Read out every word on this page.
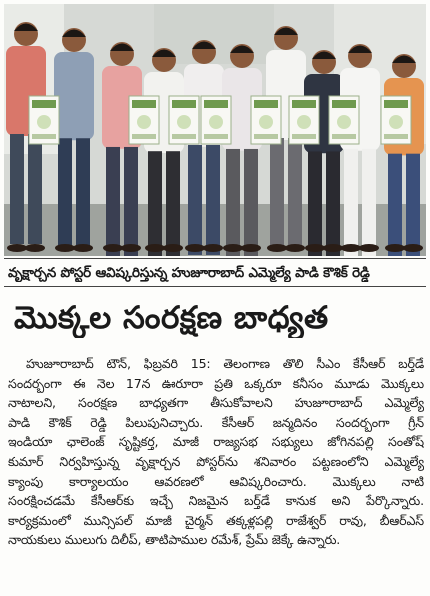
వృక్షార్చన పోస్టర్ ఆవిష్కరిస్తున్న హుజూరాబాద్ ఎమ్మెల్యే పాడి కౌశిక్ రెడ్డి
మొక్కల సంరక్షణ బాధ్యత
హుజూరాబాద్ టౌన్, ఫిబ్రవరి 15: తెలంగాణ తొలి సీఎం కేసీఆర్ బర్త్‌డే
సందర్భంగా ఈ నెల 17న ఊరూరా ప్రతి ఒక్కరూ కనీసం మూడు మొక్కలు
నాటాలని, సంరక్షణ బాధ్యతగా తీసుకోవాలని హుజూరాబాద్ ఎమ్మెల్యే
పాడి కౌశిక్ రెడ్డి పిలుపునిచ్చారు. కేసీఆర్ జన్మదినం సందర్భంగా గ్రీన్
ఇండియా ఛాలెంజ్ సృష్టికర్త, మాజీ రాజ్యసభ సభ్యులు జోగినపల్లి సంతోష్
కుమార్ నిర్వహిస్తున్న వృక్షార్చన పోస్టర్‌ను శనివారం పట్టణంలోని ఎమ్మెల్యే
క్యాంపు కార్యాలయం ఆవరణలో ఆవిష్కరించారు. మొక్కలు నాటి
సంరక్షించడమే కేసీఆర్‌కు ఇచ్చే నిజమైన బర్త్‌డే కానుక అని పేర్కొన్నారు.
కార్యక్రమంలో మున్సిపల్ మాజీ చైర్మన్ తక్కళ్లపల్లి రాజేశ్వర్ రావు, బీఆర్ఎస్
నాయకులు ములుగు దిలీప్, తాటిపాముల రమేశ్, ప్రేమ్ జెక్కే ఉన్నారు.
